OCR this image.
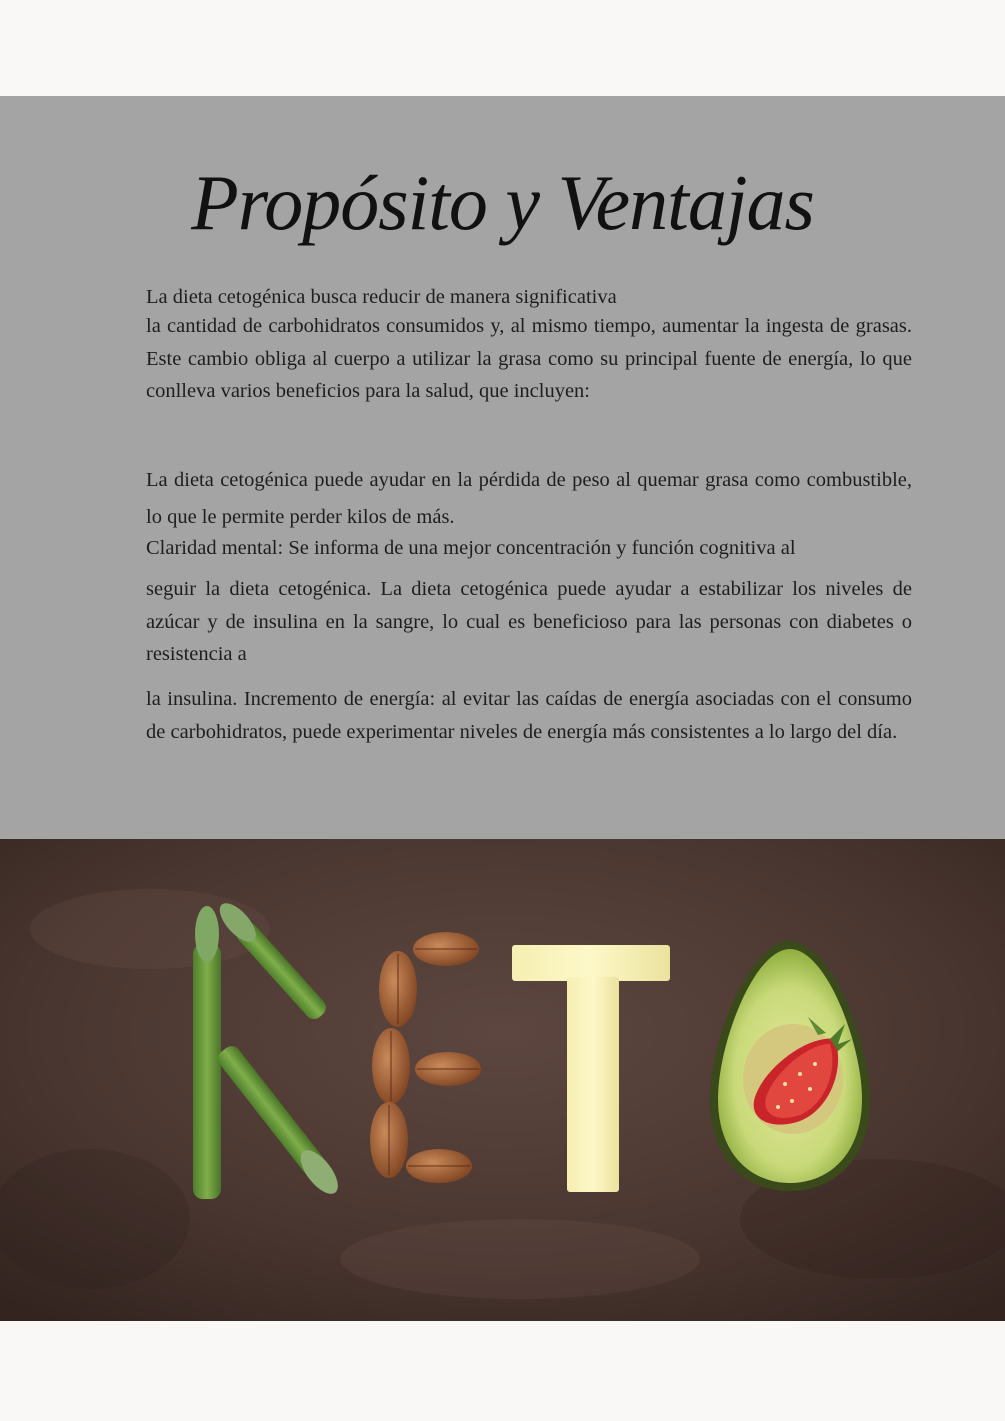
Propósito y Ventajas

La dieta cetogénica busca reducir de manera significativa

la cantidad de carbohidratos consumidos y, al mismo tiempo, aumentar la ingesta de grasas. Este cambio obliga al cuerpo a utilizar la grasa como su principal fuente de energía, lo que conlleva varios beneficios para la salud, que incluyen:

La dieta cetogénica puede ayudar en la pérdida de peso al quemar grasa como combustible, lo que le permite perder kilos de más.

Claridad mental: Se informa de una mejor concentración y función cognitiva al

seguir la dieta cetogénica. La dieta cetogénica puede ayudar a estabilizar los niveles de azúcar y de insulina en la sangre, lo cual es beneficioso para las personas con diabetes o resistencia a

la insulina. Incremento de energía: al evitar las caídas de energía asociadas con el consumo de carbohidratos, puede experimentar niveles de energía más consistentes a lo largo del día.
